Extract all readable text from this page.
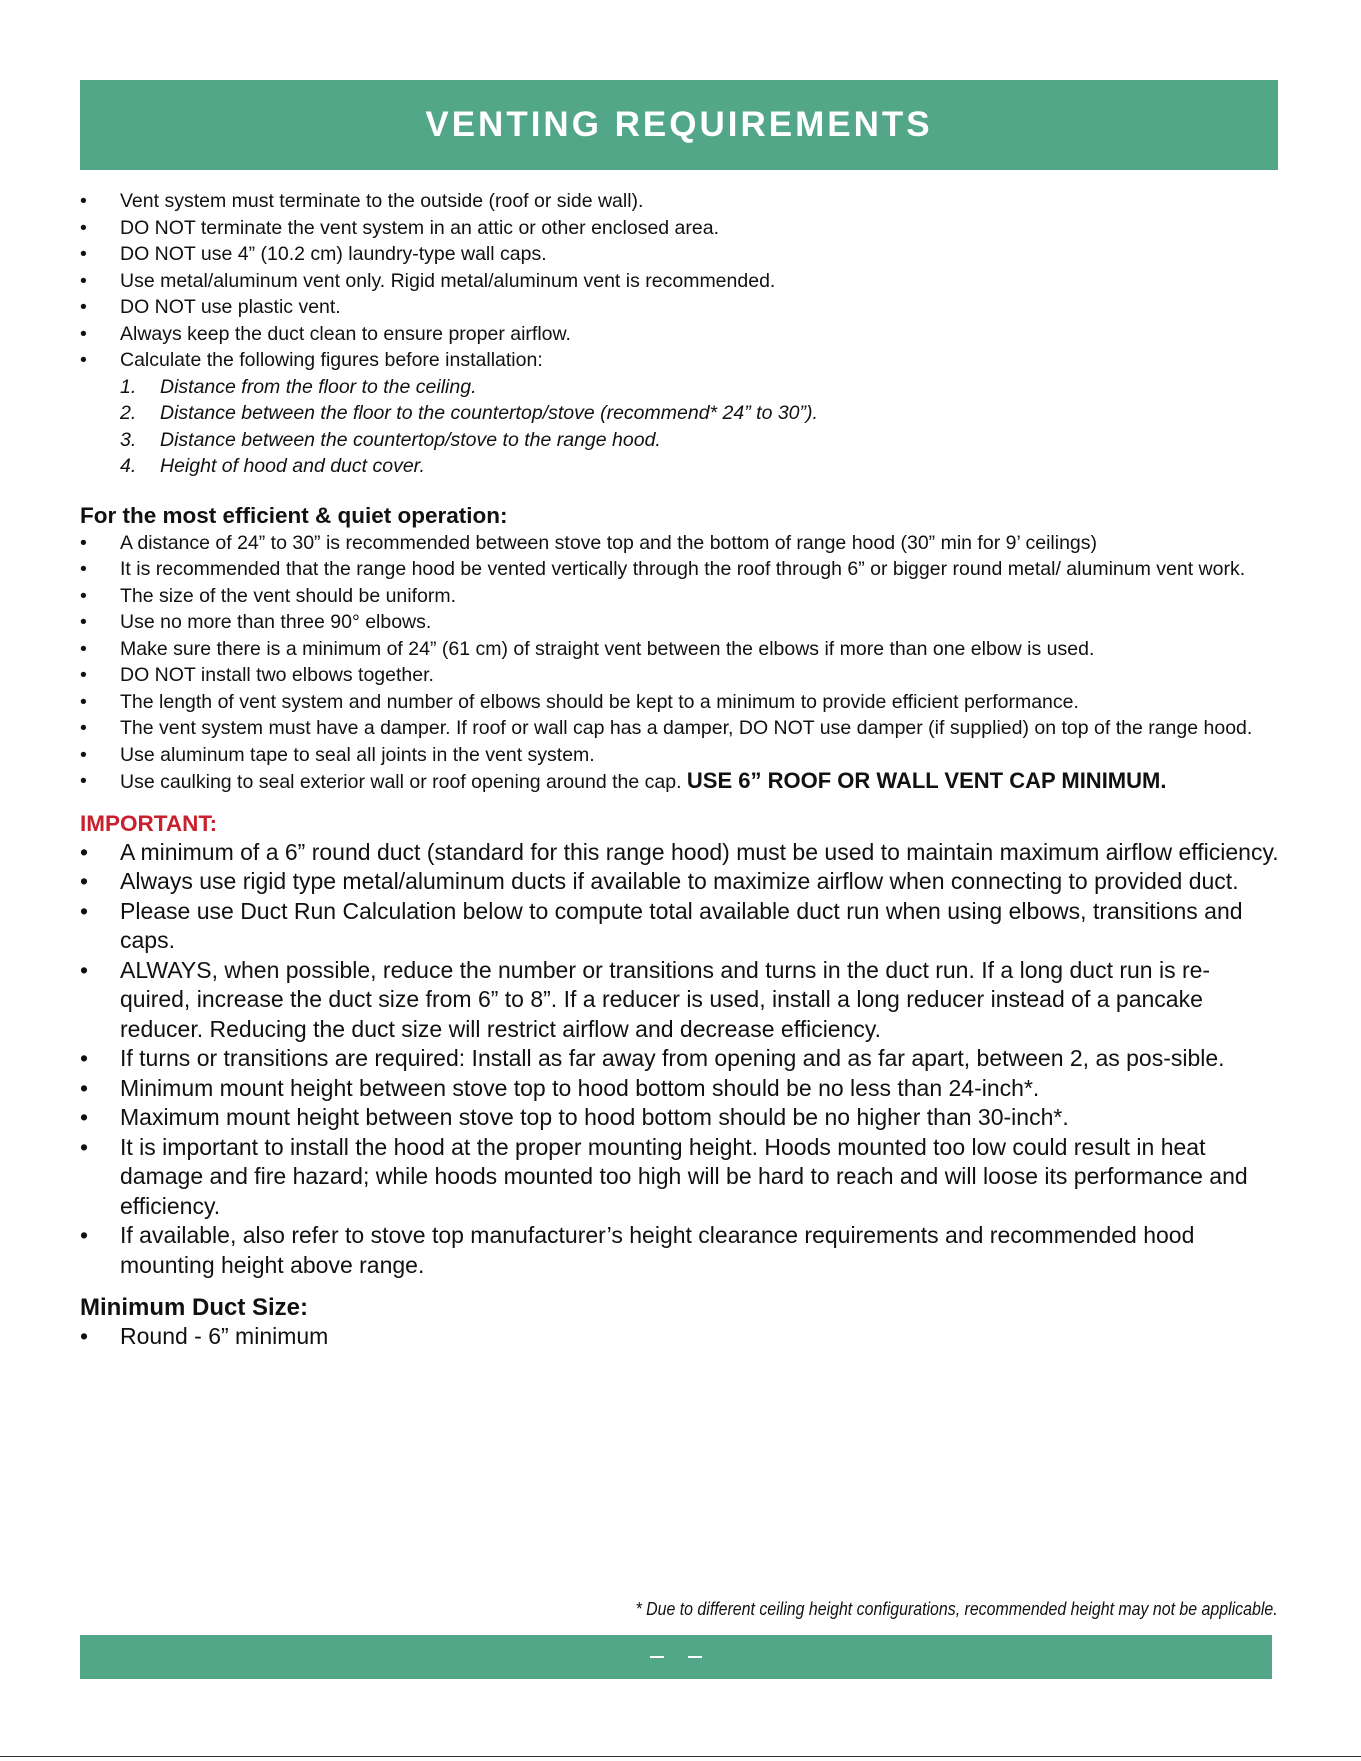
VENTING REQUIREMENTS
• Vent system must terminate to the outside (roof or side wall).
• DO NOT terminate the vent system in an attic or other enclosed area.
• DO NOT use 4” (10.2 cm) laundry-type wall caps.
• Use metal/aluminum vent only. Rigid metal/aluminum vent is recommended.
• DO NOT use plastic vent.
• Always keep the duct clean to ensure proper airflow.
• Calculate the following figures before installation:
1. Distance from the floor to the ceiling.
2. Distance between the floor to the countertop/stove (recommend* 24” to 30”).
3. Distance between the countertop/stove to the range hood.
4. Height of hood and duct cover.
For the most efficient & quiet operation:
• A distance of 24” to 30” is recommended between stove top and the bottom of range hood (30” min for 9’ ceilings)
• It is recommended that the range hood be vented vertically through the roof through 6” or bigger round metal/ aluminum vent work.
• The size of the vent should be uniform.
• Use no more than three 90° elbows.
• Make sure there is a minimum of 24” (61 cm) of straight vent between the elbows if more than one elbow is used.
• DO NOT install two elbows together.
• The length of vent system and number of elbows should be kept to a minimum to provide efficient performance.
• The vent system must have a damper. If roof or wall cap has a damper, DO NOT use damper (if supplied) on top of the range hood.
• Use aluminum tape to seal all joints in the vent system.
• Use caulking to seal exterior wall or roof opening around the cap. USE 6” ROOF OR WALL VENT CAP MINIMUM.
IMPORTANT:
• A minimum of a 6” round duct (standard for this range hood) must be used to maintain maximum airflow efficiency.
• Always use rigid type metal/aluminum ducts if available to maximize airflow when connecting to provided duct.
• Please use Duct Run Calculation below to compute total available duct run when using elbows, transitions and caps.
• ALWAYS, when possible, reduce the number or transitions and turns in the duct run. If a long duct run is re-quired, increase the duct size from 6” to 8”. If a reducer is used, install a long reducer instead of a pancake reducer. Reducing the duct size will restrict airflow and decrease efficiency.
• If turns or transitions are required: Install as far away from opening and as far apart, between 2, as pos-sible.
• Minimum mount height between stove top to hood bottom should be no less than 24-inch*.
• Maximum mount height between stove top to hood bottom should be no higher than 30-inch*.
• It is important to install the hood at the proper mounting height. Hoods mounted too low could result in heat damage and fire hazard; while hoods mounted too high will be hard to reach and will loose its performance and efficiency.
• If available, also refer to stove top manufacturer’s height clearance requirements and recommended hood mounting height above range.
Minimum Duct Size:
• Round - 6” minimum
* Due to different ceiling height configurations, recommended height may not be applicable.
